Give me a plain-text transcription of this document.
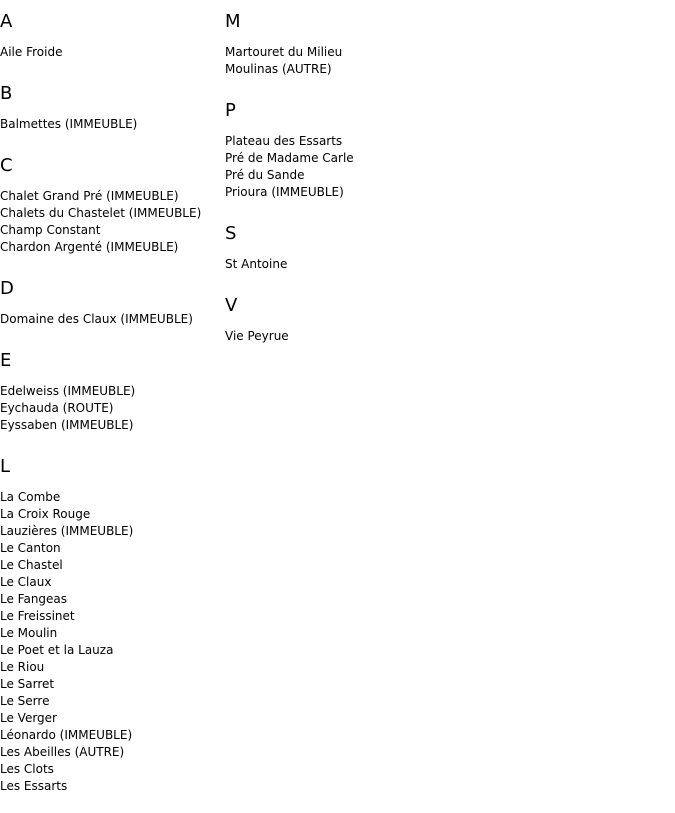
A
Aile Froide
B
Balmettes (IMMEUBLE)
C
Chalet Grand Pré (IMMEUBLE)
Chalets du Chastelet (IMMEUBLE)
Champ Constant
Chardon Argenté (IMMEUBLE)
D
Domaine des Claux (IMMEUBLE)
E
Edelweiss (IMMEUBLE)
Eychauda (ROUTE)
Eyssaben (IMMEUBLE)
L
La Combe
La Croix Rouge
Lauzières (IMMEUBLE)
Le Canton
Le Chastel
Le Claux
Le Fangeas
Le Freissinet
Le Moulin
Le Poet et la Lauza
Le Riou
Le Sarret
Le Serre
Le Verger
Léonardo (IMMEUBLE)
Les Abeilles (AUTRE)
Les Clots
Les Essarts
M
Martouret du Milieu
Moulinas (AUTRE)
P
Plateau des Essarts
Pré de Madame Carle
Pré du Sande
Prioura (IMMEUBLE)
S
St Antoine
V
Vie Peyrue
